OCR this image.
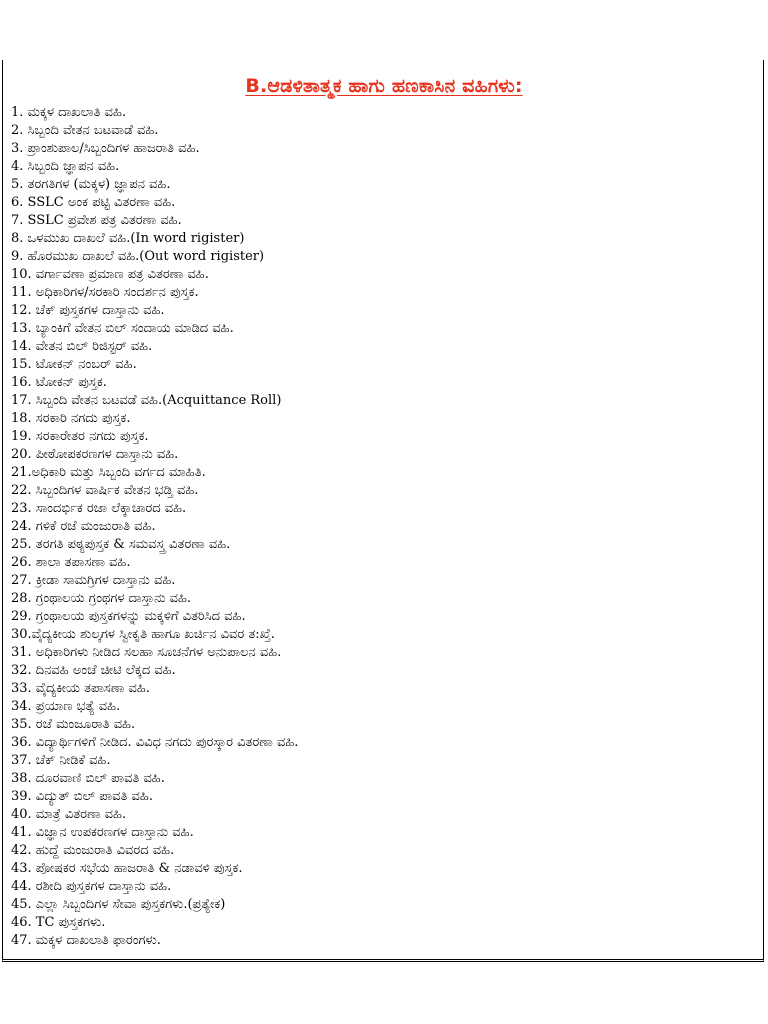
B.ಆಡಳಿತಾತ್ಮಕ ಹಾಗು ಹಣಕಾಸಿನ ವಹಿಗಳು:
1. ಮಕ್ಕಳ ದಾಖಲಾತಿ ವಹಿ.
2. ಸಿಬ್ಬಂದಿ ವೇತನ ಬಟವಾಡೆ ವಹಿ.
3. ಪ್ರಾಂಶುಪಾಲ/ಸಿಬ್ಬಂದಿಗಳ ಹಾಜರಾತಿ ವಹಿ.
4. ಸಿಬ್ಬಂದಿ ಜ್ಞಾಪನ ವಹಿ.
5. ತರಗತಿಗಳ (ಮಕ್ಕಳ) ಜ್ಞಾಪನ ವಹಿ.
6. SSLC ಅಂಕ ಪಟ್ಟಿ ವಿತರಣಾ ವಹಿ.
7. SSLC ಪ್ರವೇಶ ಪತ್ರ ವಿತರಣಾ ವಹಿ.
8. ಒಳಮುಖ ದಾಖಲೆ ವಹಿ.(In word rigister)
9. ಹೊರಮುಖ ದಾಖಲೆ ವಹಿ.(Out word rigister)
10. ವರ್ಗಾವಣಾ ಪ್ರಮಾಣ ಪತ್ರ ವಿತರಣಾ ವಹಿ.
11. ಅಧಿಕಾರಿಗಳ/ಸರಕಾರಿ ಸಂದರ್ಶನ ಪುಸ್ತಕ.
12. ಚೆಕ್ ಪುಸ್ತಕಗಳ ದಾಸ್ತಾನು ವಹಿ.
13. ಬ್ಯಾಂಕಿಗೆ ವೇತನ ಬಿಲ್ ಸಂದಾಯ ಮಾಡಿದ ವಹಿ.
14. ವೇತನ ಬಿಲ್ ರಿಜಿಸ್ಟರ್ ವಹಿ.
15. ಟೋಕನ್ ನಂಬರ್ ವಹಿ.
16. ಟೋಕನ್ ಪುಸ್ತಕ.
17. ಸಿಬ್ಬಂದಿ ವೇತನ ಬಟವಡೆ ವಹಿ.(Acquittance Roll)
18. ಸರಕಾರಿ ನಗದು ಪುಸ್ತಕ.
19. ಸರಕಾರೇತರ ನಗದು ಪುಸ್ತಕ.
20. ಪೀಠೋಪಕರಣಗಳ ದಾಸ್ತಾನು ವಹಿ.
21.ಅಧಿಕಾರಿ ಮತ್ತು ಸಿಬ್ಬಂದಿ ವರ್ಗದ ಮಾಹಿತಿ.
22. ಸಿಬ್ಬಂದಿಗಳ ವಾರ್ಷಿಕ ವೇತನ ಭಡ್ತಿ ವಹಿ.
23. ಸಾಂದರ್ಭಿಕ ರಜಾ ಲೆಕ್ಕಾಚಾರದ ವಹಿ.
24. ಗಳಿಕೆ ರಜೆ ಮಂಜುರಾತಿ ವಹಿ.
25. ತರಗತಿ ಪಠ್ಯಪುಸ್ತಕ & ಸಮವಸ್ತ್ರ ವಿತರಣಾ ವಹಿ.
26. ಶಾಲಾ ತಪಾಸಣಾ ವಹಿ.
27. ಕ್ರೀಡಾ ಸಾಮಗ್ರಿಗಳ ದಾಸ್ತಾನು ವಹಿ.
28. ಗ್ರಂಥಾಲಯ ಗ್ರಂಥಗಳ ದಾಸ್ತಾನು ವಹಿ.
29. ಗ್ರಂಥಾಲಯ ಪುಸ್ತಕಗಳನ್ನು ಮಕ್ಕಳಿಗೆ ವಿತರಿಸಿದ ವಹಿ.
30.ವೈದ್ಯಕೀಯ ಶುಲ್ಕಗಳ ಸ್ವೀಕೃತಿ ಹಾಗೂ ಖರ್ಚಿನ ವಿವರ ತ:ಖ್ತೆ.
31. ಅಧಿಕಾರಿಗಳು ನೀಡಿದ ಸಲಹಾ ಸೂಚನೆಗಳ ಅನುಪಾಲನ ವಹಿ.
32. ದಿನವಹಿ ಅಂಚೆ ಚೀಟಿ ಲೆಕ್ಕದ ವಹಿ.
33. ವೈದ್ಯಕೀಯ ತಪಾಸಣಾ ವಹಿ.
34. ಪ್ರಯಾಣ ಭತ್ಯೆ ವಹಿ.
35. ರಜೆ ಮಂಜೂರಾತಿ ವಹಿ.
36. ವಿದ್ಯಾರ್ಥಿಗಳಿಗೆ ನೀಡಿದ. ವಿವಿಧ ನಗದು ಪುರಸ್ಕಾರ ವಿತರಣಾ ವಹಿ.
37. ಚೆಕ್ ನೀಡಿಕೆ ವಹಿ.
38. ದೂರವಾಣಿ ಬಿಲ್ ಪಾವತಿ ವಹಿ.
39. ವಿದ್ಯುತ್ ಬಿಲ್ ಪಾವತಿ ವಹಿ.
40. ಮಾತ್ರೆ ವಿತರಣಾ ವಹಿ.
41. ವಿಜ್ಞಾನ ಉಪಕರಣಗಳ ದಾಸ್ತಾನು ವಹಿ.
42. ಹುದ್ದೆ ಮಂಜುರಾತಿ ವಿವರದ ವಹಿ.
43. ಪೋಷಕರ ಸಭೆಯ ಹಾಜರಾತಿ & ನಡಾವಳಿ ಪುಸ್ತಕ.
44. ರಶೀದಿ ಪುಸ್ತಕಗಳ ದಾಸ್ತಾನು ವಹಿ.
45. ಎಲ್ಲಾ ಸಿಬ್ಬಂದಿಗಳ ಸೇವಾ ಪುಸ್ತಕಗಳು.(ಪ್ರತ್ಯೇಕ)
46. TC ಪುಸ್ತಕಗಳು.
47. ಮಕ್ಕಳ ದಾಖಲಾತಿ ಫಾರಂಗಳು.
